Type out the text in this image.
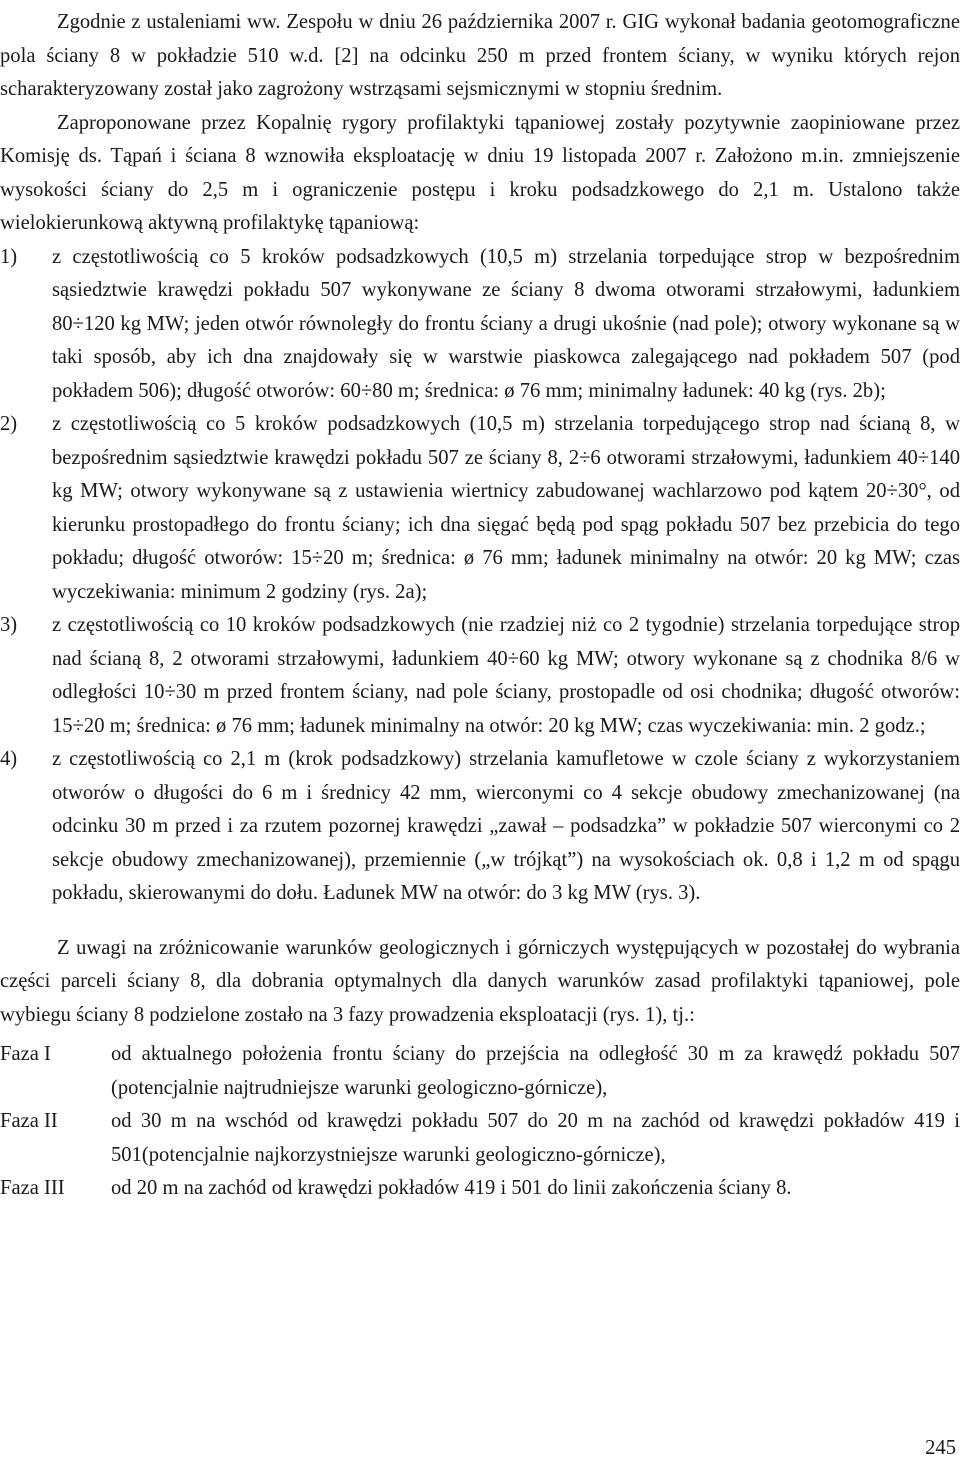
Zgodnie z ustaleniami ww. Zespołu w dniu 26 października 2007 r. GIG wykonał badania geotomograficzne pola ściany 8 w pokładzie 510 w.d. [2] na odcinku 250 m przed frontem ściany, w wyniku których rejon scharakteryzowany został jako zagrożony wstrząsami sejsmicznymi w stopniu średnim.

Zaproponowane przez Kopalnię rygory profilaktyki tąpaniowej zostały pozytywnie zaopiniowane przez Komisję ds. Tąpań i ściana 8 wznowiła eksploatację w dniu 19 listopada 2007 r. Założono m.in. zmniejszenie wysokości ściany do 2,5 m i ograniczenie postępu i kroku podsadzkowego do 2,1 m. Ustalono także wielokierunkową aktywną profilaktykę tąpaniową:

1)	z częstotliwością co 5 kroków podsadzkowych (10,5 m) strzelania torpedujące strop w bezpośrednim sąsiedztwie krawędzi pokładu 507 wykonywane ze ściany 8 dwoma otworami strzałowymi, ładunkiem 80÷120 kg MW; jeden otwór równoległy do frontu ściany a drugi ukośnie (nad pole); otwory wykonane są w taki sposób, aby ich dna znajdowały się w warstwie piaskowca zalegającego nad pokładem 507 (pod pokładem 506); długość otworów: 60÷80 m; średnica: ø 76 mm; minimalny ładunek: 40 kg (rys. 2b);
2)	z częstotliwością co 5 kroków podsadzkowych (10,5 m) strzelania torpedującego strop nad ścianą 8, w bezpośrednim sąsiedztwie krawędzi pokładu 507 ze ściany 8, 2÷6 otworami strzałowymi, ładunkiem 40÷140 kg MW; otwory wykonywane są z ustawienia wiertnicy zabudowanej wachlarzowo pod kątem 20÷30°, od kierunku prostopadłego do frontu ściany; ich dna sięgać będą pod spąg pokładu 507 bez przebicia do tego pokładu; długość otworów: 15÷20 m; średnica: ø 76 mm; ładunek minimalny na otwór: 20 kg MW; czas wyczekiwania: minimum 2 godziny (rys. 2a);
3)	z częstotliwością co 10 kroków podsadzkowych (nie rzadziej niż co 2 tygodnie) strzelania torpedujące strop nad ścianą 8, 2 otworami strzałowymi, ładunkiem 40÷60 kg MW; otwory wykonane są z chodnika 8/6 w odległości 10÷30 m przed frontem ściany, nad pole ściany, prostopadle od osi chodnika; długość otworów: 15÷20 m; średnica: ø 76 mm; ładunek minimalny na otwór: 20 kg MW; czas wyczekiwania: min. 2 godz.;
4)	z częstotliwością co 2,1 m (krok podsadzkowy) strzelania kamufletowe w czole ściany z wykorzystaniem otworów o długości do 6 m i średnicy 42 mm, wierconymi co 4 sekcje obudowy zmechanizowanej (na odcinku 30 m przed i za rzutem pozornej krawędzi „zawał – podsadzka” w pokładzie 507 wierconymi co 2 sekcje obudowy zmechanizowanej), przemiennie („w trójkąt”) na wysokościach ok. 0,8 i 1,2 m od spągu pokładu, skierowanymi do dołu. Ładunek MW na otwór: do 3 kg MW (rys. 3).

Z uwagi na zróżnicowanie warunków geologicznych i górniczych występujących w pozostałej do wybrania części parceli ściany 8, dla dobrania optymalnych dla danych warunków zasad profilaktyki tąpaniowej, pole wybiegu ściany 8 podzielone zostało na 3 fazy prowadzenia eksploatacji (rys. 1), tj.:

Faza I	od aktualnego położenia frontu ściany do przejścia na odległość 30 m za krawędź pokładu 507 (potencjalnie najtrudniejsze warunki geologiczno-górnicze),
Faza II	od 30 m na wschód od krawędzi pokładu 507 do 20 m na zachód od krawędzi pokładów 419 i 501(potencjalnie najkorzystniejsze warunki geologiczno-górnicze),
Faza III	od 20 m na zachód od krawędzi pokładów 419 i 501 do linii zakończenia ściany 8.
245
